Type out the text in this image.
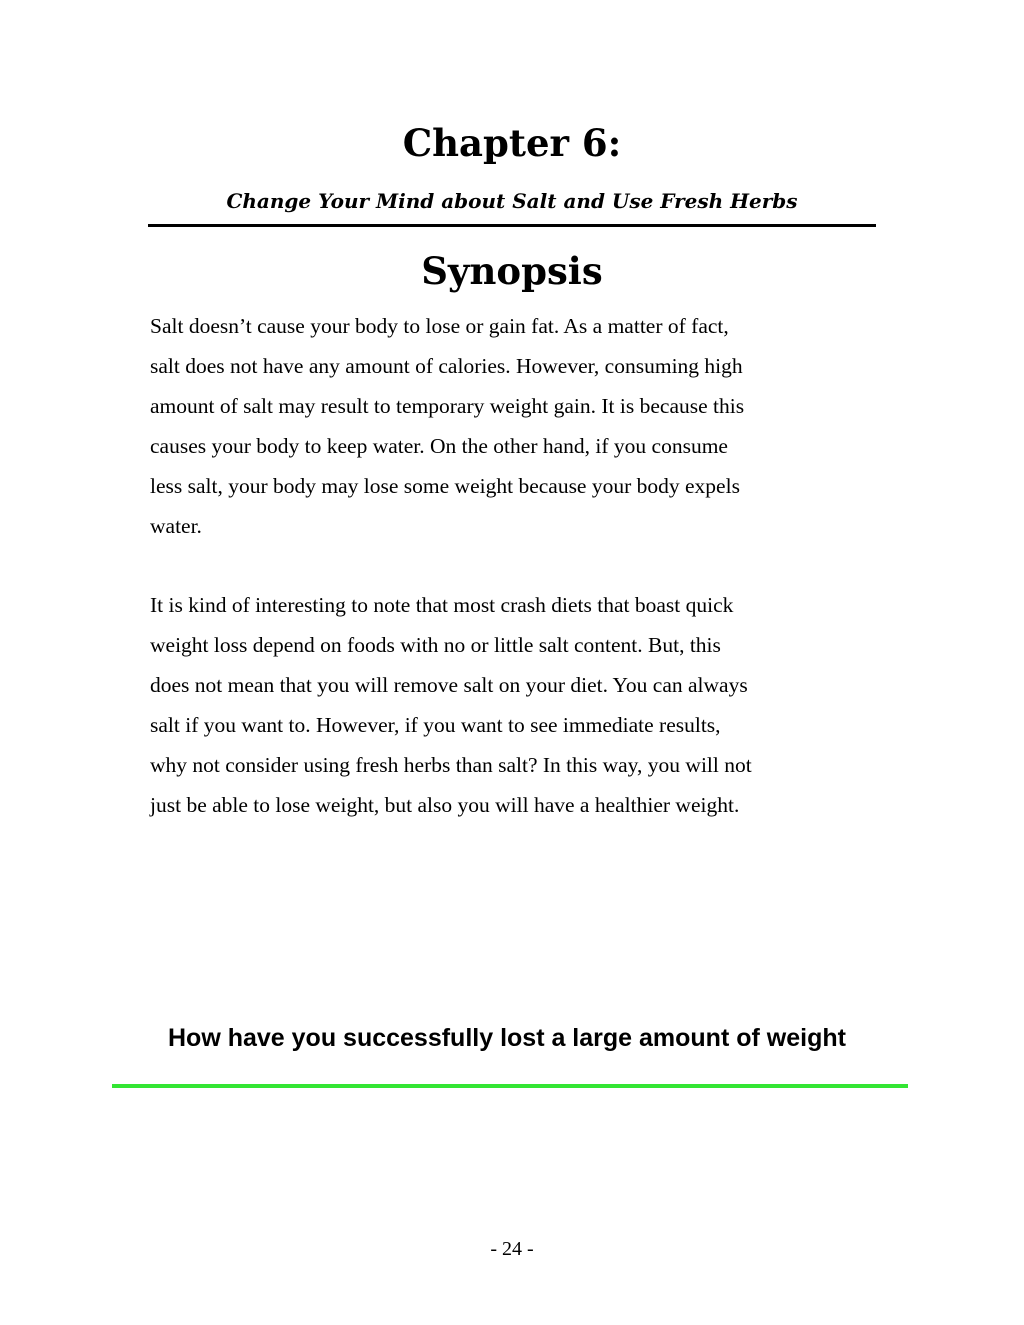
Chapter 6:
Change Your Mind about Salt and Use Fresh Herbs
Synopsis
Salt doesn’t cause your body to lose or gain fat. As a matter of fact,
salt does not have any amount of calories. However, consuming high
amount of salt may result to temporary weight gain. It is because this
causes your body to keep water. On the other hand, if you consume
less salt, your body may lose some weight because your body expels
water.
It is kind of interesting to note that most crash diets that boast quick
weight loss depend on foods with no or little salt content. But, this
does not mean that you will remove salt on your diet. You can always
salt if you want to. However, if you want to see immediate results,
why not consider using fresh herbs than salt? In this way, you will not
just be able to lose weight, but also you will have a healthier weight.

How have you successfully lost a large amount of weight

- 24 -
